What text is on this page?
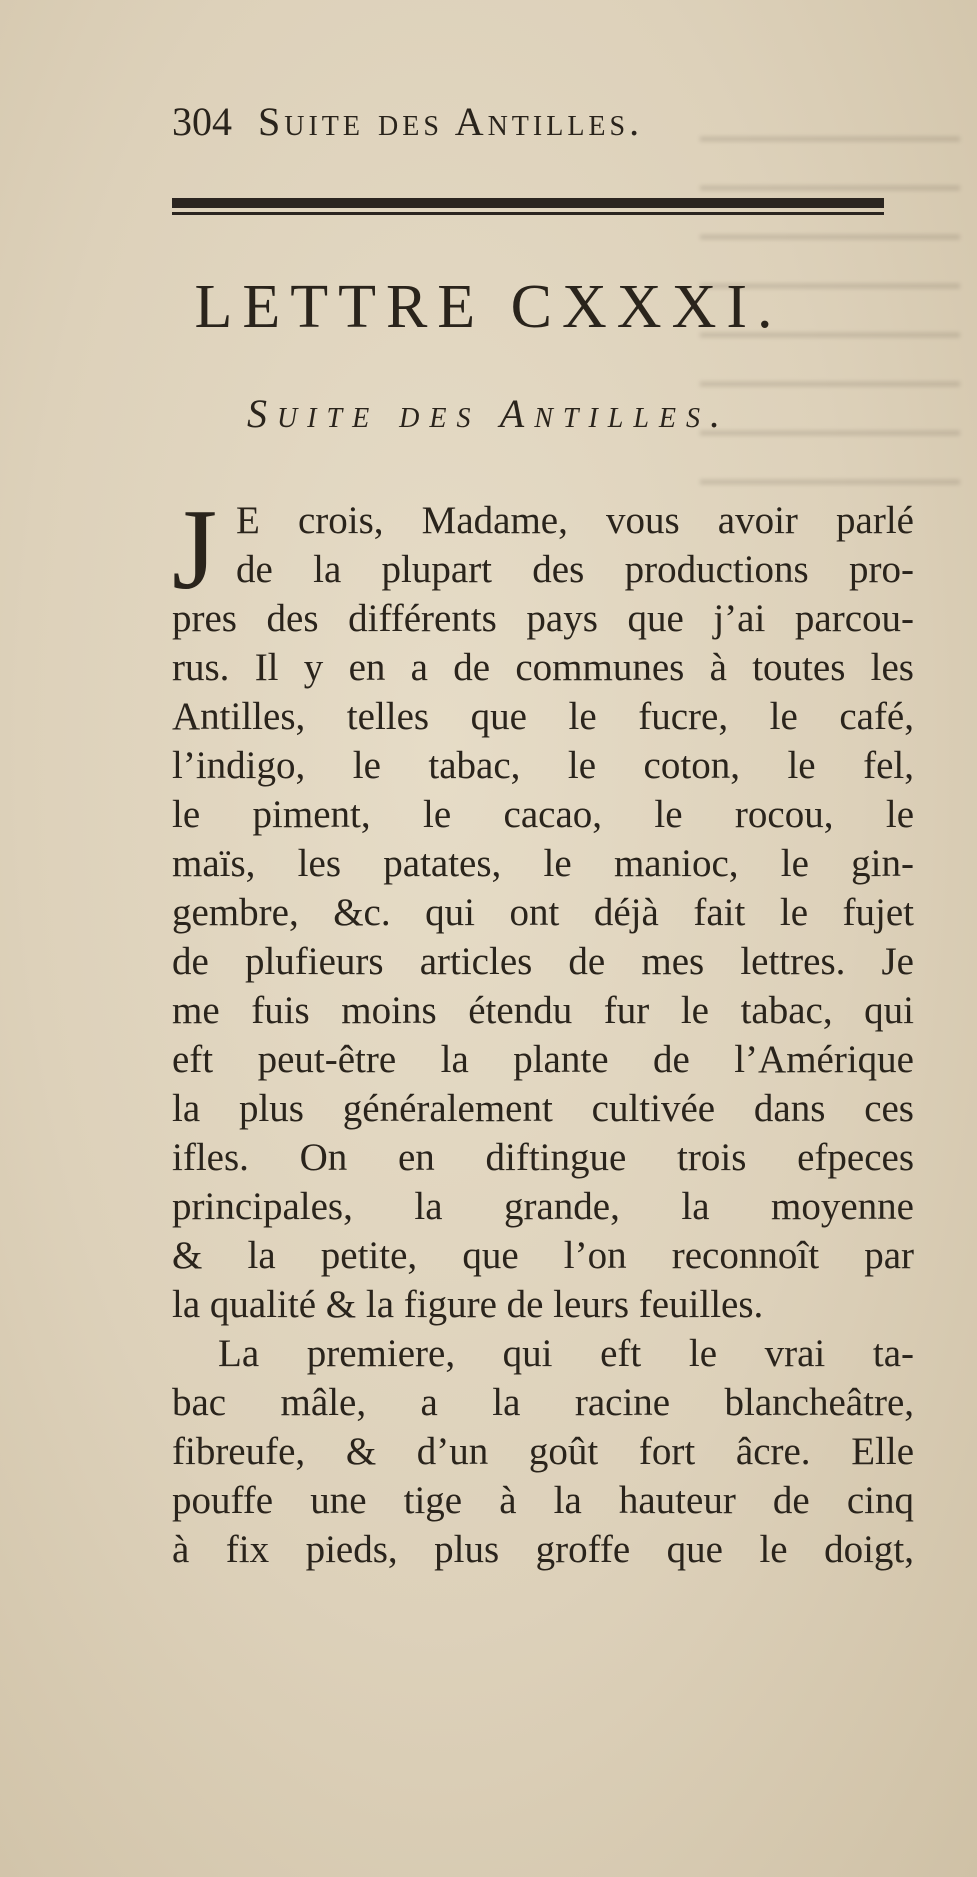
304 Suite des Antilles.
LETTRE CXXXI.
Suite des Antilles.
J E crois, Madame, vous avoir parlé
de la plupart des productions pro-
pres des différents pays que j’ai parcou-
rus. Il y en a de communes à toutes les
Antilles, telles que le fucre, le café,
l’indigo, le tabac, le coton, le fel,
le piment, le cacao, le rocou, le
maïs, les patates, le manioc, le gin-
gembre, &c. qui ont déjà fait le fujet
de plufieurs articles de mes lettres. Je
me fuis moins étendu fur le tabac, qui
eft peut-être la plante de l’Amérique
la plus généralement cultivée dans ces
ifles. On en diftingue trois efpeces
principales, la grande, la moyenne
& la petite, que l’on reconnoît par
la qualité & la figure de leurs feuilles.
La premiere, qui eft le vrai ta-
bac mâle, a la racine blancheâtre,
fibreufe, & d’un goût fort âcre. Elle
pouffe une tige à la hauteur de cinq
à fix pieds, plus groffe que le doigt,
